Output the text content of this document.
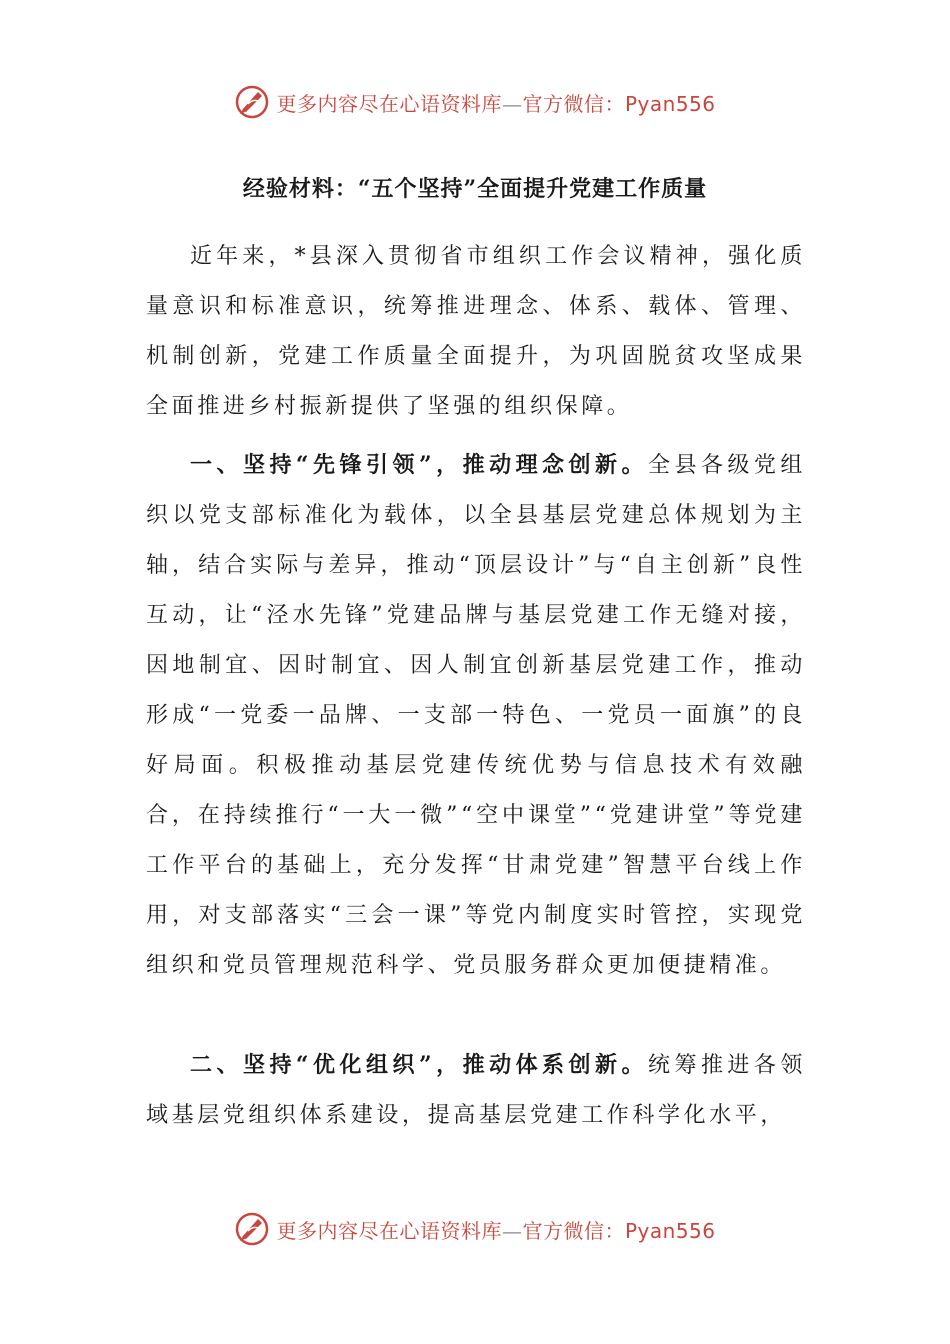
更多内容尽在心语资料库—官方微信：Pyan556
经验材料：“五个坚持”全面提升党建工作质量

近年来，*县深入贯彻省市组织工作会议精神，强化质量意识和标准意识，统筹推进理念、体系、载体、管理、机制创新，党建工作质量全面提升，为巩固脱贫攻坚成果全面推进乡村振新提供了坚强的组织保障。

一、坚持“先锋引领”，推动理念创新。全县各级党组织以党支部标准化为载体，以全县基层党建总体规划为主轴，结合实际与差异，推动“顶层设计”与“自主创新”良性互动，让“泾水先锋”党建品牌与基层党建工作无缝对接，因地制宜、因时制宜、因人制宜创新基层党建工作，推动形成“一党委一品牌、一支部一特色、一党员一面旗”的良好局面。积极推动基层党建传统优势与信息技术有效融合，在持续推行“一大一微”“空中课堂”“党建讲堂”等党建工作平台的基础上，充分发挥“甘肃党建”智慧平台线上作用，对支部落实“三会一课”等党内制度实时管控，实现党组织和党员管理规范科学、党员服务群众更加便捷精准。

二、坚持“优化组织”，推动体系创新。统筹推进各领域基层党组织体系建设，提高基层党建工作科学化水平，

更多内容尽在心语资料库—官方微信：Pyan556
